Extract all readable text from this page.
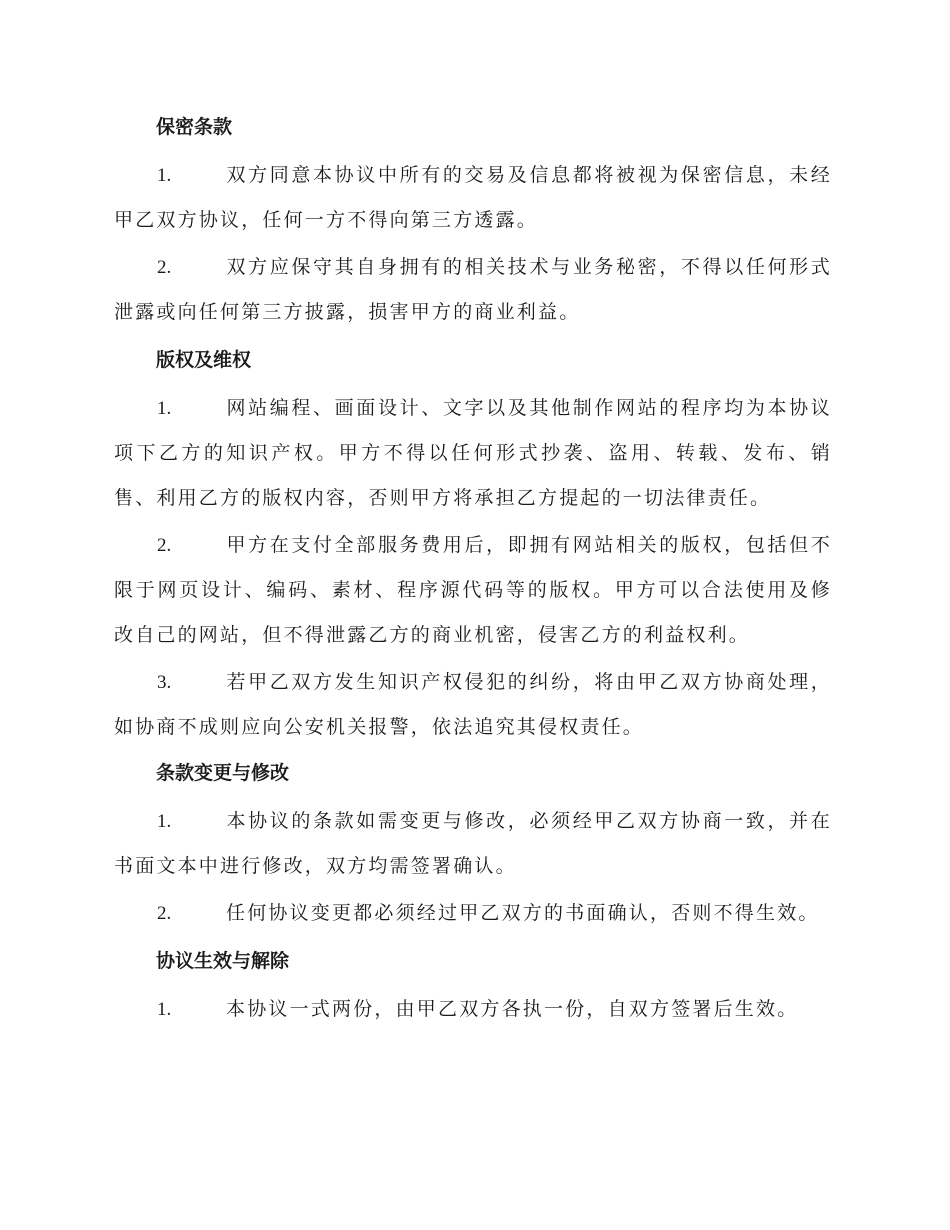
保密条款

1.	双方同意本协议中所有的交易及信息都将被视为保密信息，未经甲乙双方协议，任何一方不得向第三方透露。

2.	双方应保守其自身拥有的相关技术与业务秘密，不得以任何形式泄露或向任何第三方披露，损害甲方的商业利益。

版权及维权

1.	网站编程、画面设计、文字以及其他制作网站的程序均为本协议项下乙方的知识产权。甲方不得以任何形式抄袭、盗用、转载、发布、销售、利用乙方的版权内容，否则甲方将承担乙方提起的一切法律责任。

2.	甲方在支付全部服务费用后，即拥有网站相关的版权，包括但不限于网页设计、编码、素材、程序源代码等的版权。甲方可以合法使用及修改自己的网站，但不得泄露乙方的商业机密，侵害乙方的利益权利。

3.	若甲乙双方发生知识产权侵犯的纠纷，将由甲乙双方协商处理，如协商不成则应向公安机关报警，依法追究其侵权责任。

条款变更与修改

1.	本协议的条款如需变更与修改，必须经甲乙双方协商一致，并在书面文本中进行修改，双方均需签署确认。

2.	任何协议变更都必须经过甲乙双方的书面确认，否则不得生效。

协议生效与解除

1.	本协议一式两份，由甲乙双方各执一份，自双方签署后生效。
